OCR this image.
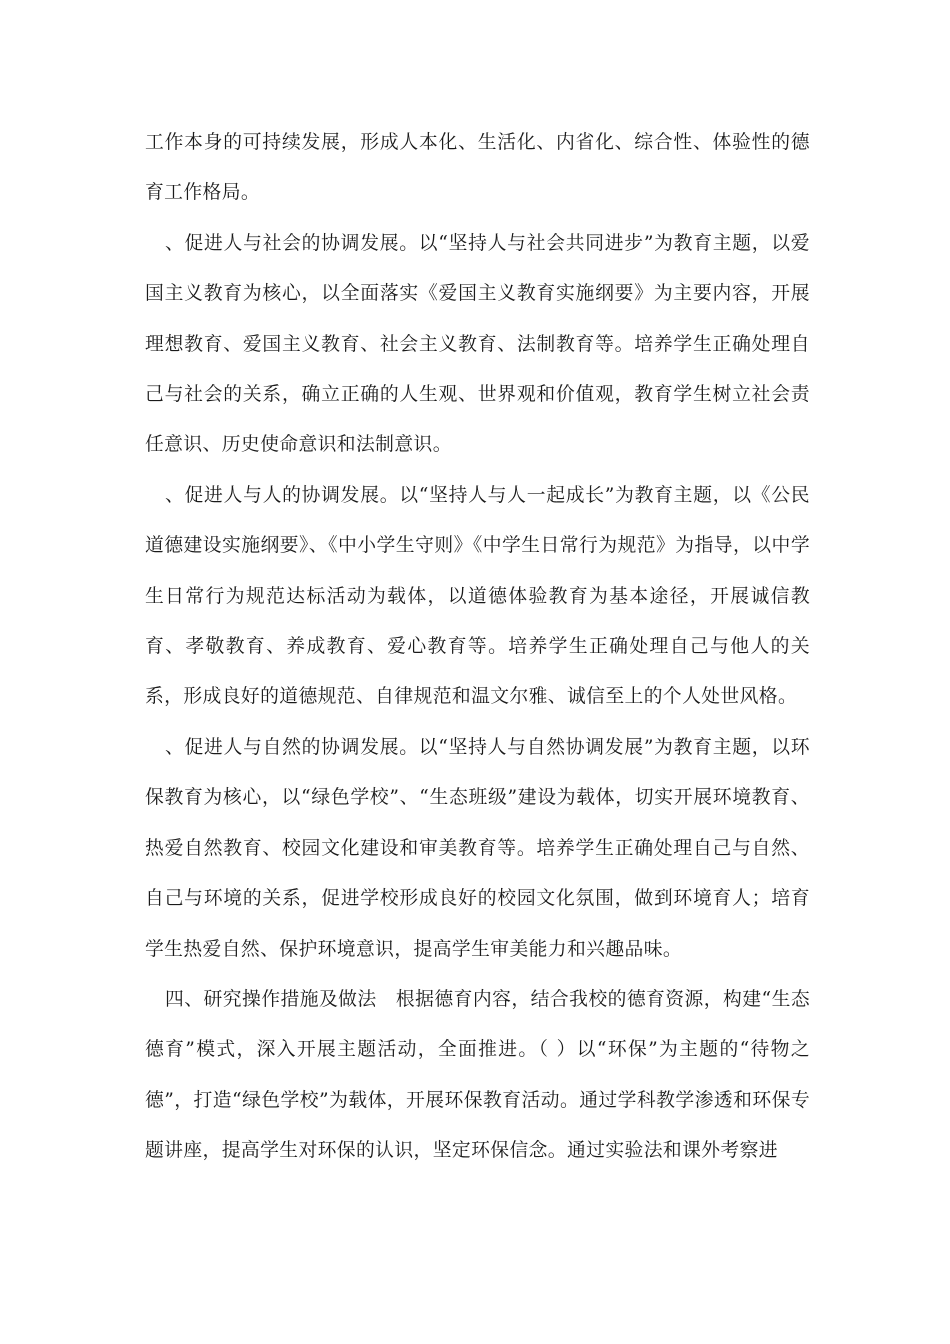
工作本身的可持续发展，形成人本化、生活化、内省化、综合性、体验性的德育工作格局。

、促进人与社会的协调发展。以“坚持人与社会共同进步”为教育主题，以爱国主义教育为核心，以全面落实《爱国主义教育实施纲要》为主要内容，开展理想教育、爱国主义教育、社会主义教育、法制教育等。培养学生正确处理自己与社会的关系，确立正确的人生观、世界观和价值观，教育学生树立社会责任意识、历史使命意识和法制意识。

、促进人与人的协调发展。以“坚持人与人一起成长”为教育主题，以《公民道德建设实施纲要》、《中小学生守则》《中学生日常行为规范》为指导，以中学生日常行为规范达标活动为载体，以道德体验教育为基本途径，开展诚信教育、孝敬教育、养成教育、爱心教育等。培养学生正确处理自己与他人的关系，形成良好的道德规范、自律规范和温文尔雅、诚信至上的个人处世风格。

、促进人与自然的协调发展。以“坚持人与自然协调发展”为教育主题，以环保教育为核心，以“绿色学校”、“生态班级”建设为载体，切实开展环境教育、热爱自然教育、校园文化建设和审美教育等。培养学生正确处理自己与自然、自己与环境的关系，促进学校形成良好的校园文化氛围，做到环境育人；培育学生热爱自然、保护环境意识，提高学生审美能力和兴趣品味。

四、研究操作措施及做法　根据德育内容，结合我校的德育资源，构建“生态德育”模式，深入开展主题活动，全面推进。（ ）以“环保”为主题的“待物之德”，打造“绿色学校”为载体，开展环保教育活动。通过学科教学渗透和环保专题讲座，提高学生对环保的认识，坚定环保信念。通过实验法和课外考察进
